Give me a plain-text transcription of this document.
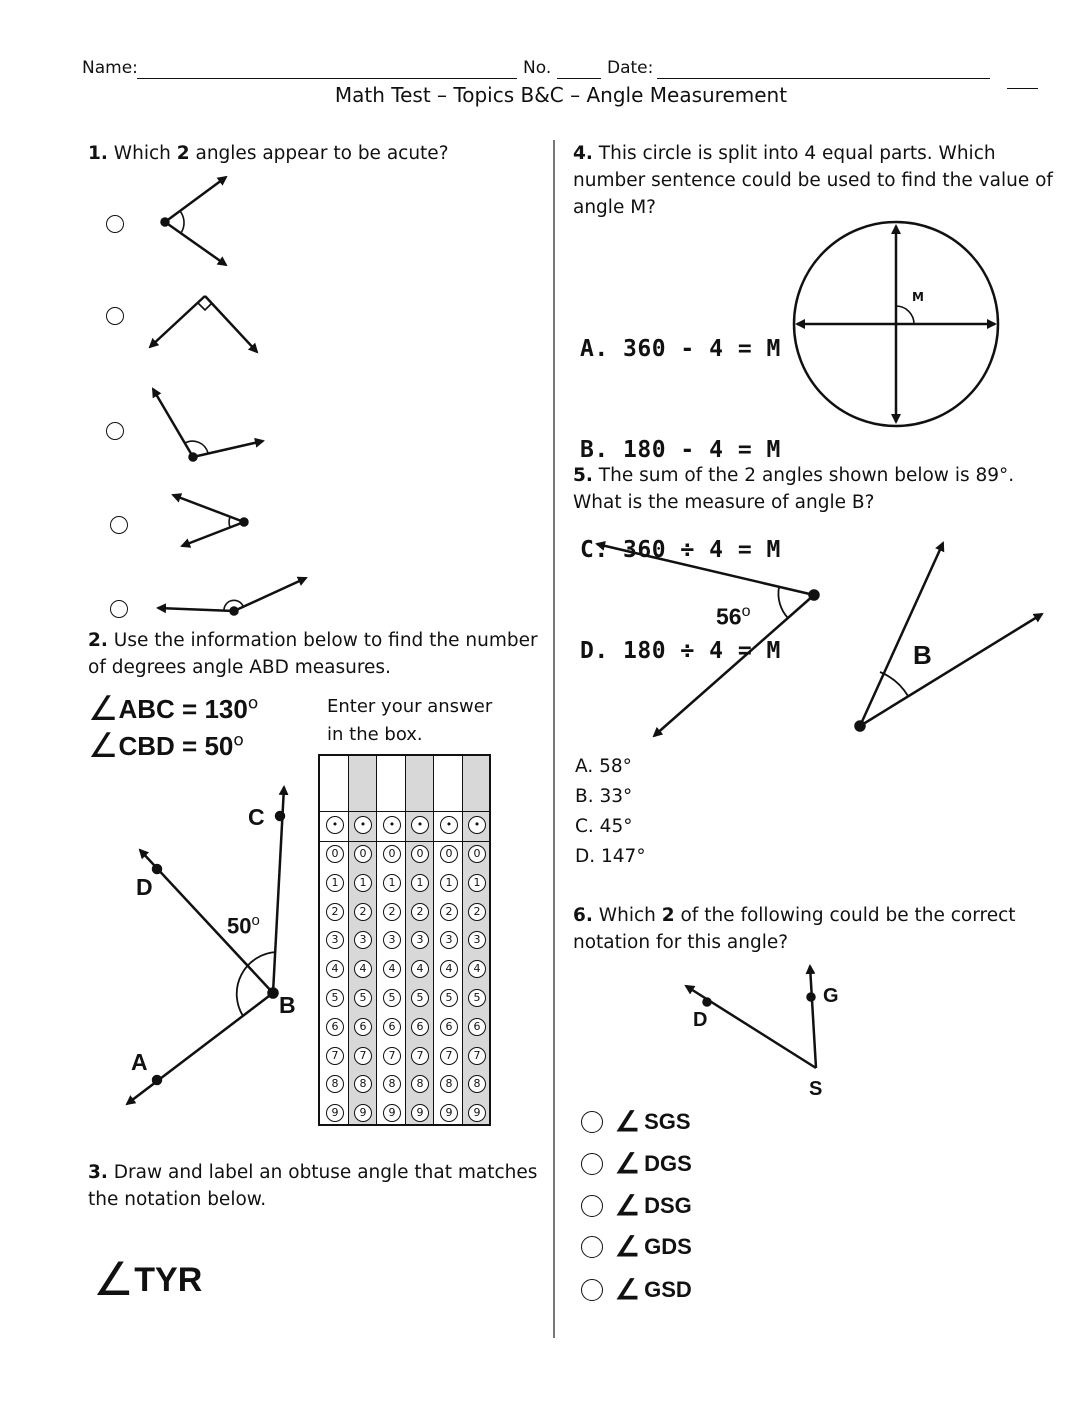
Name:	No.	Date:
Math Test – Topics B&C – Angle Measurement
1. Which 2 angles appear to be acute?
2. Use the information below to find the number
of degrees angle ABD measures.
∠ABC = $130^o$
∠CBD = $50^o$
Enter your answer
in the box.
C
D
50$^o$
B
A
•
0
1
2
3
4
5
6
7
8
9
•
0
1
2
3
4
5
6
7
8
9
•
0
1
2
3
4
5
6
7
8
9
•
0
1
2
3
4
5
6
7
8
9
•
0
1
2
3
4
5
6
7
8
9
•
0
1
2
3
4
5
6
7
8
9
3. Draw and label an obtuse angle that matches
the notation below.
∠TYR
4. This circle is split into 4 equal parts. Which
number sentence could be used to find the value of
angle M?

A. 360 - 4 = M

B. 180 - 4 = M

C. 360 ÷ 4 = M

D. 180 ÷ 4 = M

M
5. The sum of the 2 angles shown below is 89°.
What is the measure of angle B?
56$^o$
B
A. 58°
B. 33°
C. 45°
D. 147°
6. Which 2 of the following could be the correct
notation for this angle?
G
D
S
∠ SGS
∠ DGS
∠ DSG
∠ GDS
∠ GSD
